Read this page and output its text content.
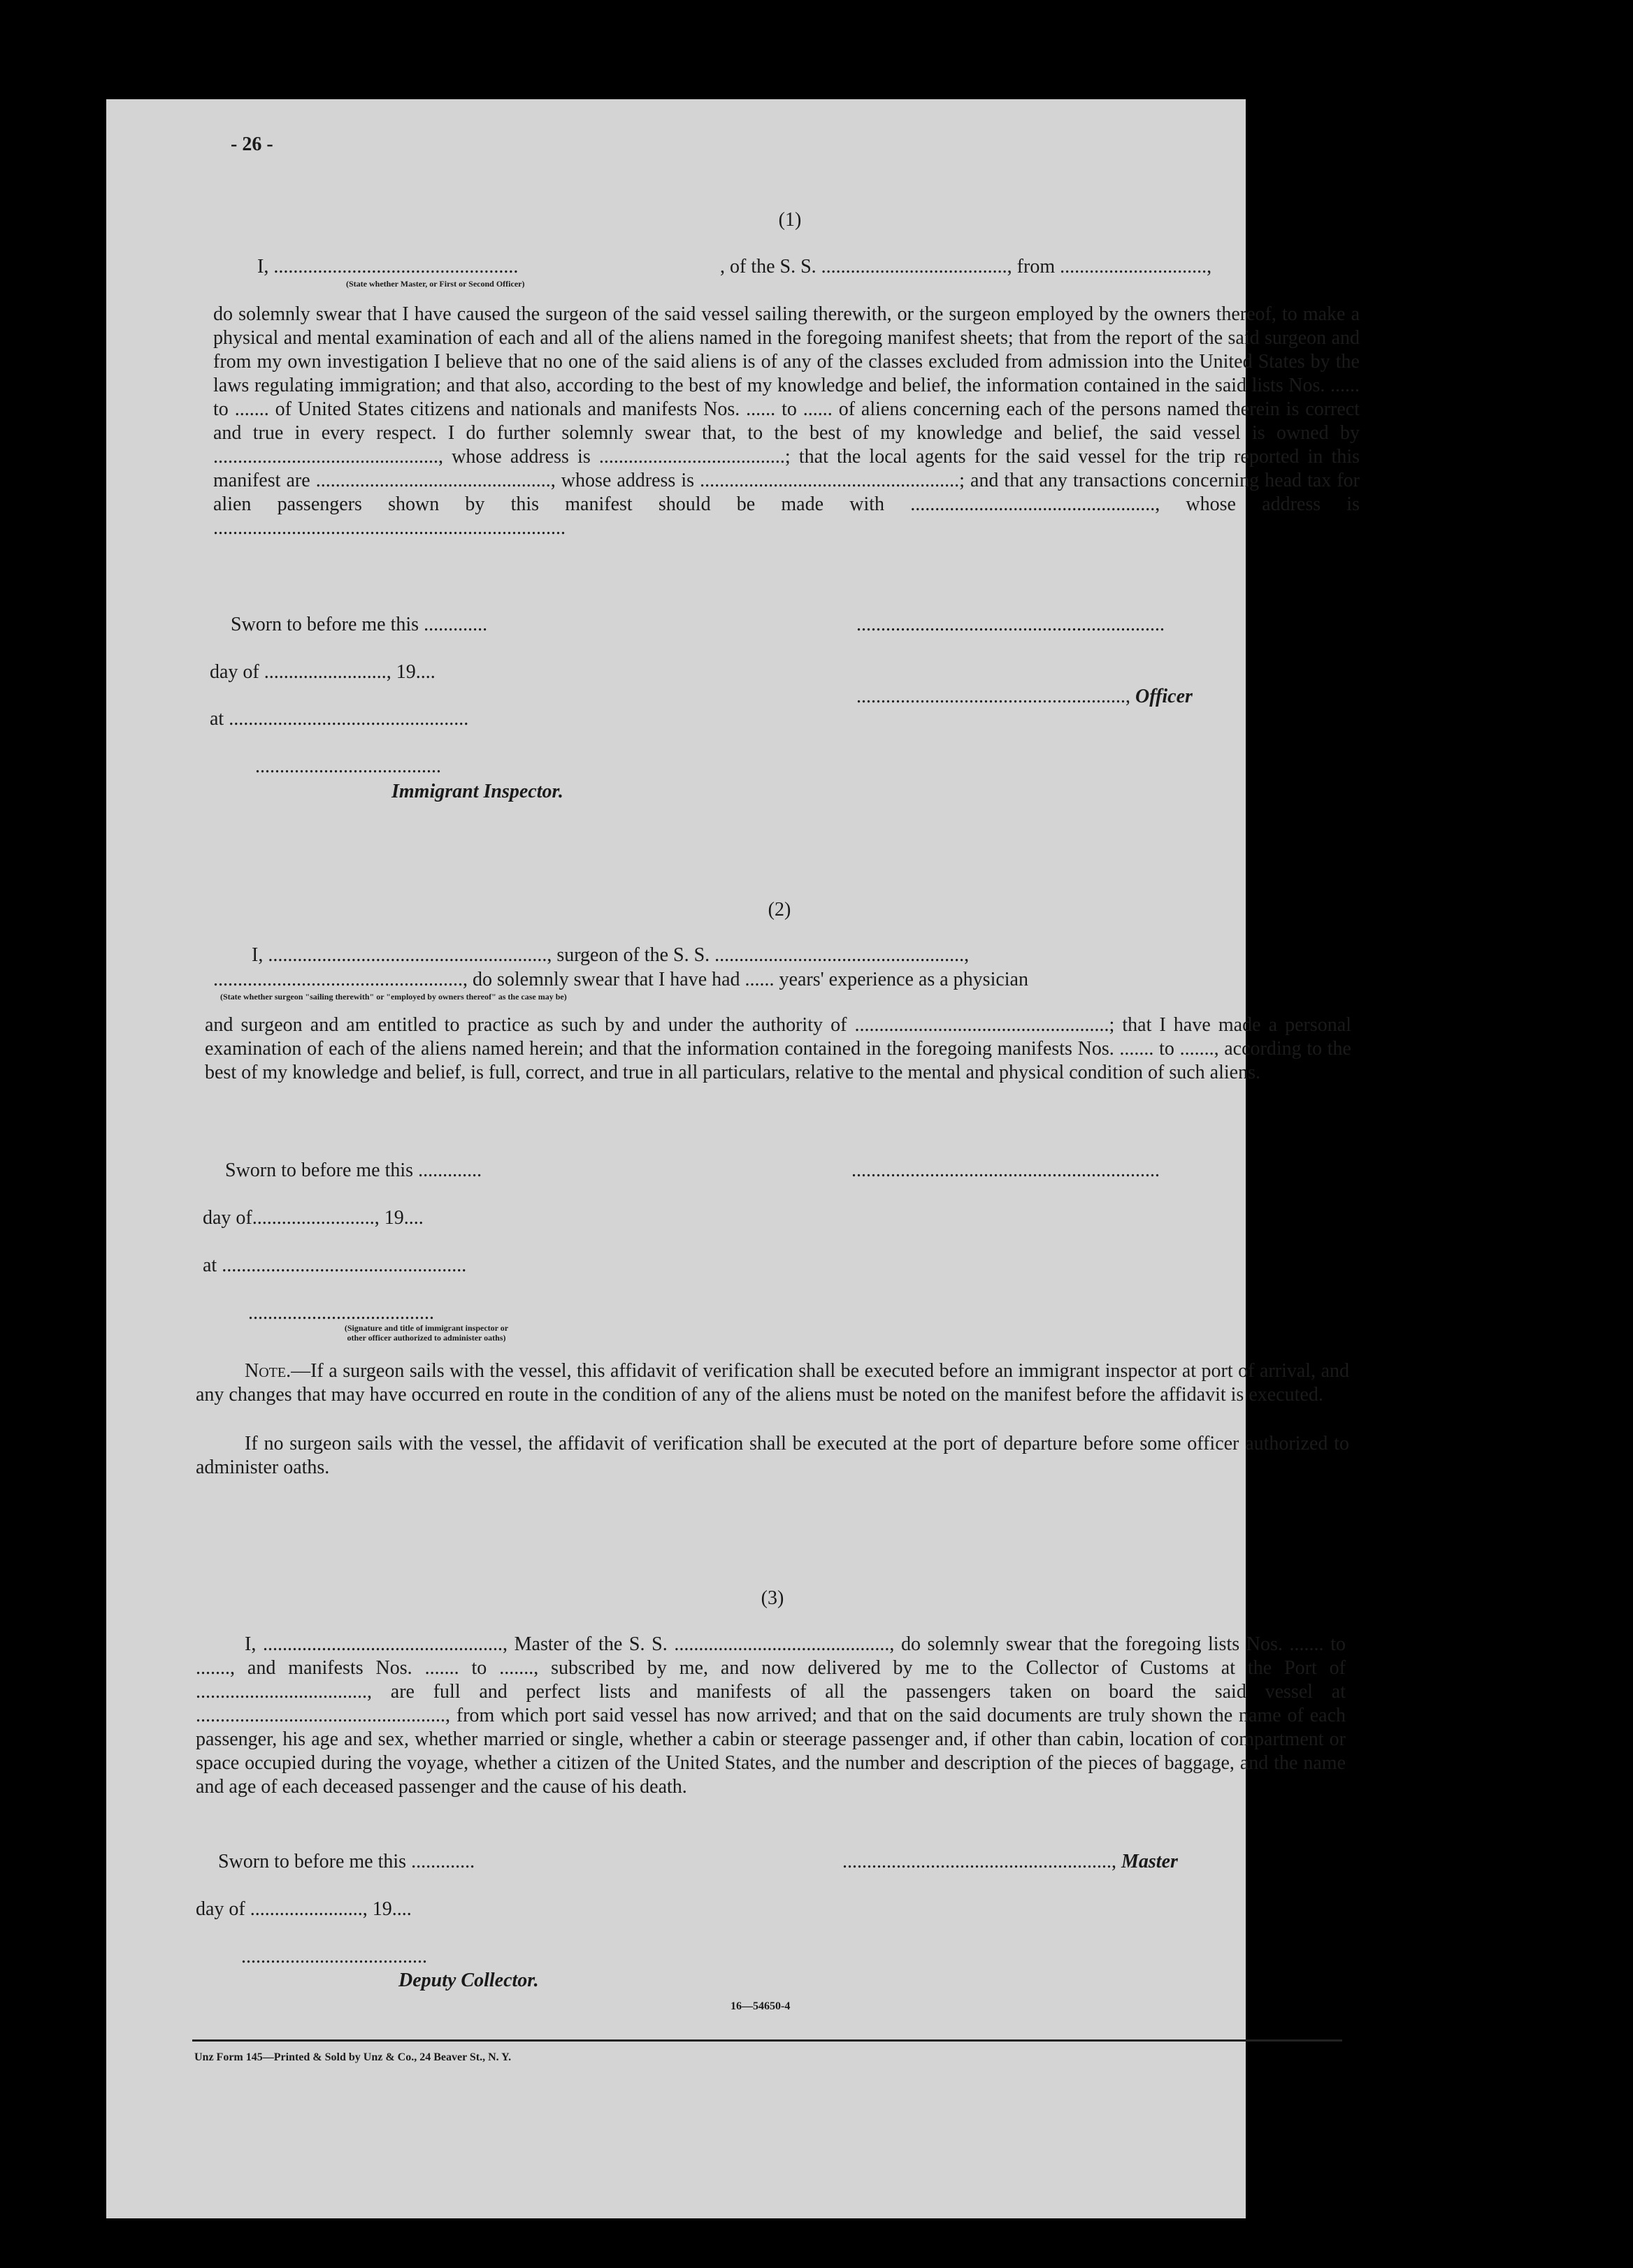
- 26 -
(1)
I, ..................................................	, of the S. S. ......................................, from ..............................,
(State whether Master, or First or Second Officer)
do solemnly swear that I have caused the surgeon of the said vessel sailing therewith, or the surgeon employed by the owners thereof, to make a physical and mental examination of each and all of the aliens named in the foregoing manifest sheets; that from the report of the said surgeon and from my own investigation I believe that no one of the said aliens is of any of the classes excluded from admission into the United States by the laws regulating immigration; and that also, according to the best of my knowledge and belief, the information contained in the said lists Nos. ...... to ....... of United States citizens and nationals and manifests Nos. ...... to ...... of aliens concerning each of the persons named therein is correct and true in every respect. I do further solemnly swear that, to the best of my knowledge and belief, the said vessel is owned by .............................................., whose address is ......................................; that the local agents for the said vessel for the trip reported in this manifest are ................................................, whose address is .....................................................; and that any transactions concerning head tax for alien passengers shown by this manifest should be made with .................................................., whose address is ........................................................................
Sworn to before me this .............	...............................................................
day of ........................., 19....
......................................................., Officer
at .................................................
......................................
Immigrant Inspector.
(2)
I, ........................................................., surgeon of the S. S. ...................................................,
..................................................., do solemnly swear that I have had ...... years' experience as a physician
(State whether surgeon "sailing therewith" or "employed by owners thereof" as the case may be)
and surgeon and am entitled to practice as such by and under the authority of ....................................................; that I have made a personal examination of each of the aliens named herein; and that the information contained in the foregoing manifests Nos. ....... to ......., according to the best of my knowledge and belief, is full, correct, and true in all particulars, relative to the mental and physical condition of such aliens.
Sworn to before me this .............	...............................................................
day of........................., 19....
at ..................................................
......................................
(Signature and title of immigrant inspector or
other officer authorized to administer oaths)
Note.—If a surgeon sails with the vessel, this affidavit of verification shall be executed before an immigrant inspector at port of arrival, and any changes that may have occurred en route in the condition of any of the aliens must be noted on the manifest before the affidavit is executed.
If no surgeon sails with the vessel, the affidavit of verification shall be executed at the port of departure before some officer authorized to administer oaths.
(3)
I, ................................................., Master of the S. S. ............................................, do solemnly swear that the foregoing lists Nos. ....... to ......., and manifests Nos. ....... to ......., subscribed by me, and now delivered by me to the Collector of Customs at the Port of ..................................., are full and perfect lists and manifests of all the passengers taken on board the said vessel at ..................................................., from which port said vessel has now arrived; and that on the said documents are truly shown the name of each passenger, his age and sex, whether married or single, whether a cabin or steerage passenger and, if other than cabin, location of compartment or space occupied during the voyage, whether a citizen of the United States, and the number and description of the pieces of baggage, and the name and age of each deceased passenger and the cause of his death.
Sworn to before me this .............	......................................................., Master
day of ......................., 19....
......................................
Deputy Collector.
16—54650-4
Unz Form 145—Printed & Sold by Unz & Co., 24 Beaver St., N. Y.
